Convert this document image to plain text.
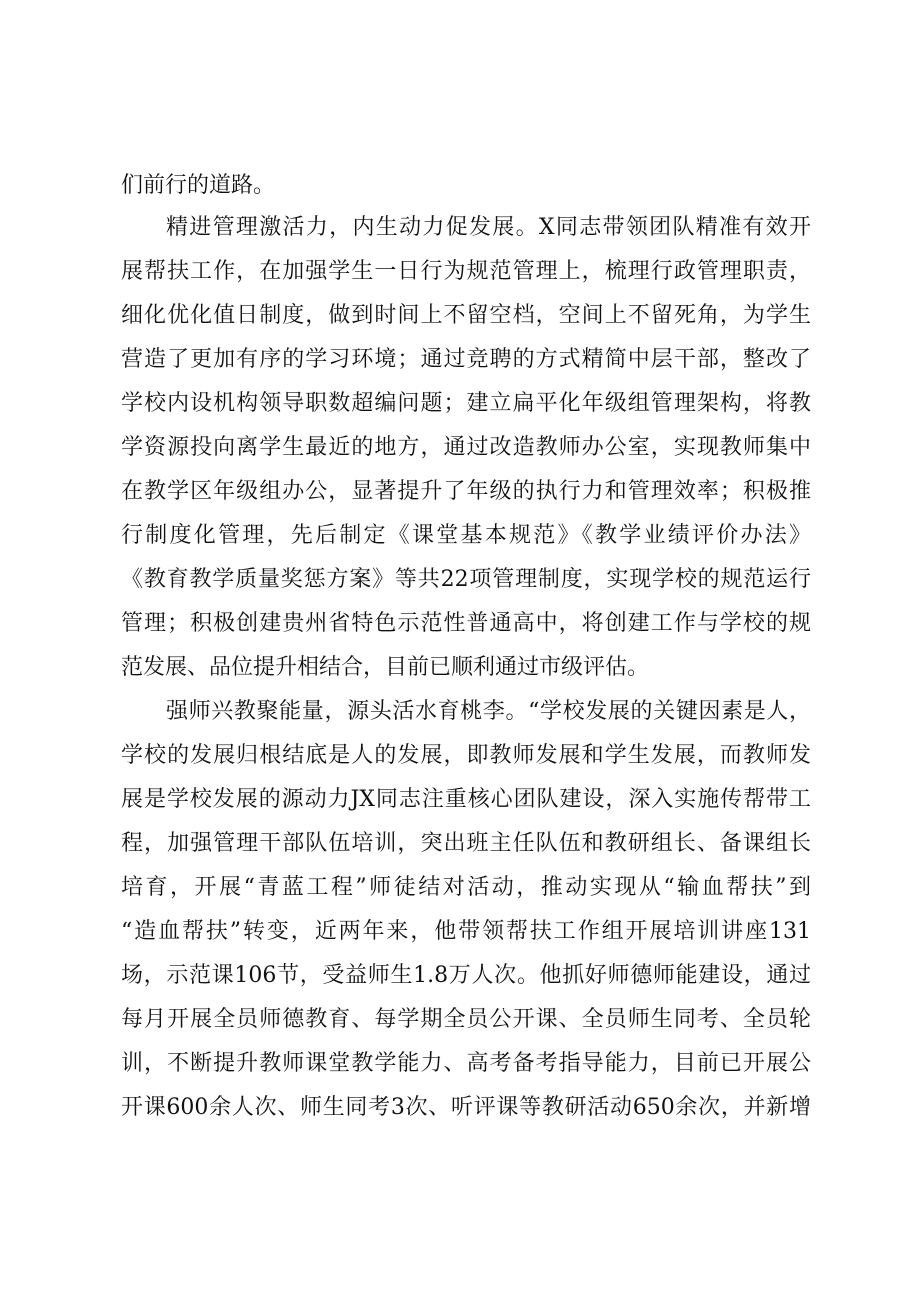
们前行的道路。
精进管理激活力，内生动力促发展。X同志带领团队精准有效开
展帮扶工作，在加强学生一日行为规范管理上，梳理行政管理职责，
细化优化值日制度，做到时间上不留空档，空间上不留死角，为学生
营造了更加有序的学习环境；通过竞聘的方式精简中层干部，整改了
学校内设机构领导职数超编问题；建立扁平化年级组管理架构，将教
学资源投向离学生最近的地方，通过改造教师办公室，实现教师集中
在教学区年级组办公，显著提升了年级的执行力和管理效率；积极推
行制度化管理，先后制定《课堂基本规范》《教学业绩评价办法》
《教育教学质量奖惩方案》等共22项管理制度，实现学校的规范运行
管理；积极创建贵州省特色示范性普通高中，将创建工作与学校的规
范发展、品位提升相结合，目前已顺利通过市级评估。
强师兴教聚能量，源头活水育桃李。“学校发展的关键因素是人，
学校的发展归根结底是人的发展，即教师发展和学生发展，而教师发
展是学校发展的源动力JX同志注重核心团队建设，深入实施传帮带工
程，加强管理干部队伍培训，突出班主任队伍和教研组长、备课组长
培育，开展“青蓝工程”师徒结对活动，推动实现从“输血帮扶”到
“造血帮扶”转变，近两年来，他带领帮扶工作组开展培训讲座131
场，示范课106节，受益师生1.8万人次。他抓好师德师能建设，通过
每月开展全员师德教育、每学期全员公开课、全员师生同考、全员轮
训，不断提升教师课堂教学能力、高考备考指导能力，目前已开展公
开课600余人次、师生同考3次、听评课等教研活动650余次，并新增
